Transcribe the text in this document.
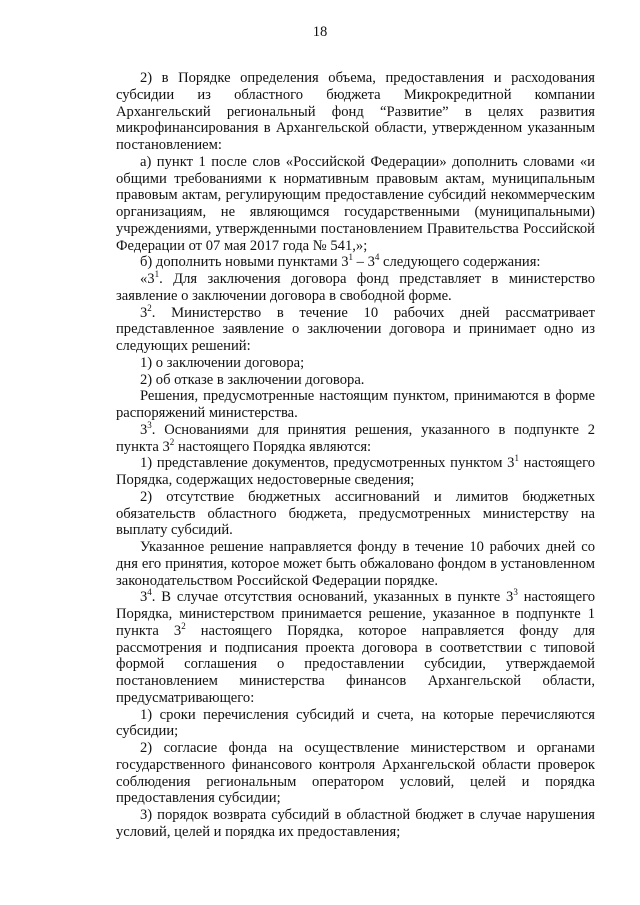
18

2) в Порядке определения объема, предоставления и расходования субсидии из областного бюджета Микрокредитной компании Архангельский региональный фонд “Развитие” в целях развития микрофинансирования в Архангельской области, утвержденном указанным постановлением:

а) пункт 1 после слов «Российской Федерации» дополнить словами «и общими требованиями к нормативным правовым актам, муниципальным правовым актам, регулирующим предоставление субсидий некоммерческим организациям, не являющимся государственными (муниципальными) учреждениями, утвержденными постановлением Правительства Российской Федерации от 07 мая 2017 года № 541,»;

б) дополнить новыми пунктами $3^1 - 3^4$ следующего содержания:

«$3^1$. Для заключения договора фонд представляет в министерство заявление о заключении договора в свободной форме.

$3^2$. Министерство в течение 10 рабочих дней рассматривает представленное заявление о заключении договора и принимает одно из следующих решений:

1) о заключении договора;

2) об отказе в заключении договора.

Решения, предусмотренные настоящим пунктом, принимаются в форме распоряжений министерства.

$3^3$. Основаниями для принятия решения, указанного в подпункте 2 пункта $3^2$ настоящего Порядка являются:

1) представление документов, предусмотренных пунктом $3^1$ настоящего Порядка, содержащих недостоверные сведения;

2) отсутствие бюджетных ассигнований и лимитов бюджетных обязательств областного бюджета, предусмотренных министерству на выплату субсидий.

Указанное решение направляется фонду в течение 10 рабочих дней со дня его принятия, которое может быть обжаловано фондом в установленном законодательством Российской Федерации порядке.

$3^4$. В случае отсутствия оснований, указанных в пункте $3^3$ настоящего Порядка, министерством принимается решение, указанное в подпункте 1 пункта $3^2$ настоящего Порядка, которое направляется фонду для рассмотрения и подписания проекта договора в соответствии с типовой формой соглашения о предоставлении субсидии, утверждаемой постановлением министерства финансов Архангельской области, предусматривающего:

1) сроки перечисления субсидий и счета, на которые перечисляются субсидии;

2) согласие фонда на осуществление министерством и органами государственного финансового контроля Архангельской области проверок соблюдения региональным оператором условий, целей и порядка предоставления субсидии;

3) порядок возврата субсидий в областной бюджет в случае нарушения условий, целей и порядка их предоставления;
